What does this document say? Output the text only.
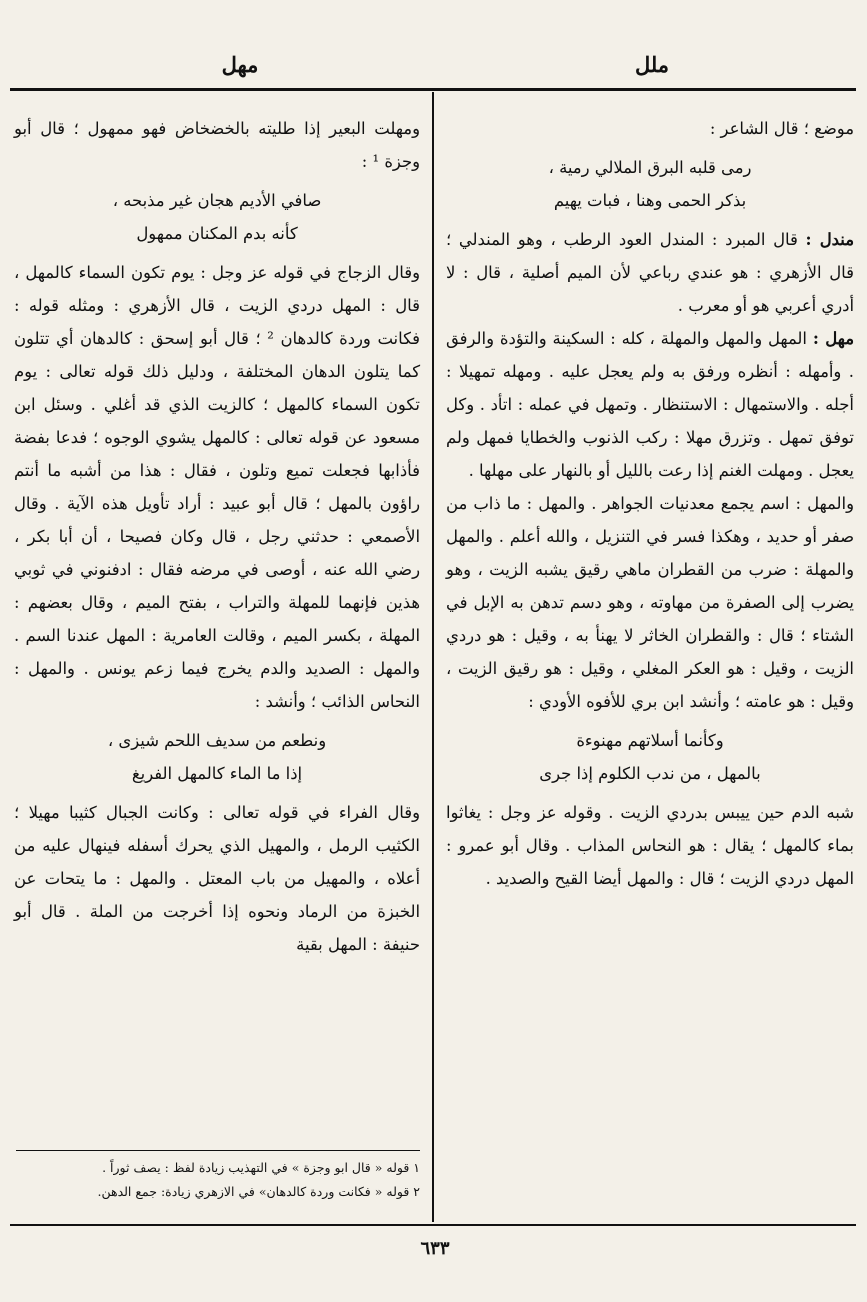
ملل
مهل

موضع ؛ قال الشاعر :

رمى قلبه البرق الملالي رمية ،
بذكر الحمى وهنا ، فبات يهيم

مندل : قال المبرد : المندل العود الرطب ، وهو المندلي ؛ قال الأزهري : هو عندي رباعي لأن الميم أصلية ، قال : لا أدري أعربي هو أو معرب .

مهل : المهل والمهل والمهلة ، كله : السكينة والتؤدة والرفق . وأمهله : أنظره ورفق به ولم يعجل عليه . ومهله تمهيلا : أجله . والاستمهال : الاستنظار . وتمهل في عمله : اتأد . وكل توفق تمهل . وتزرق مهلا : ركب الذنوب والخطايا فمهل ولم يعجل . ومهلت الغنم إذا رعت بالليل أو بالنهار على مهلها .

والمهل : اسم يجمع معدنيات الجواهر . والمهل : ما ذاب من صفر أو حديد ، وهكذا فسر في التنزيل ، والله أعلم . والمهل والمهلة : ضرب من القطران ماهي رقيق يشبه الزيت ، وهو يضرب إلى الصفرة من مهاوته ، وهو دسم تدهن به الإبل في الشتاء ؛ قال : والقطران الخاثر لا يهنأ به ، وقيل : هو دردي الزيت ، وقيل : هو العكر المغلي ، وقيل : هو رقيق الزيت ، وقيل : هو عامته ؛ وأنشد ابن بري للأفوه الأودي :

وكأنما أسلاتهم مهنوءة
بالمهل ، من ندب الكلوم إذا جرى

شبه الدم حين ييبس بدردي الزيت . وقوله عز وجل : يغاثوا بماء كالمهل ؛ يقال : هو النحاس المذاب . وقال أبو عمرو : المهل دردي الزيت ؛ قال : والمهل أيضا القيح والصديد .

ومهلت البعير إذا طليته بالخضخاض فهو ممهول ؛ قال أبو وجزة ¹ :

صافي الأديم هجان غير مذبحه ،
كأنه بدم المكنان ممهول

وقال الزجاج في قوله عز وجل : يوم تكون السماء كالمهل ، قال : المهل دردي الزيت ، قال الأزهري : ومثله قوله : فكانت وردة كالدهان ² ؛ قال أبو إسحق : كالدهان أي تتلون كما يتلون الدهان المختلفة ، ودليل ذلك قوله تعالى : يوم تكون السماء كالمهل ؛ كالزيت الذي قد أغلي . وسئل ابن مسعود عن قوله تعالى : كالمهل يشوي الوجوه ؛ فدعا بفضة فأذابها فجعلت تميع وتلون ، فقال : هذا من أشبه ما أنتم راؤون بالمهل ؛ قال أبو عبيد : أراد تأويل هذه الآية . وقال الأصمعي : حدثني رجل ، قال وكان فصيحا ، أن أبا بكر ، رضي الله عنه ، أوصى في مرضه فقال : ادفنوني في ثوبي هذين فإنهما للمهلة والتراب ، بفتح الميم ، وقال بعضهم : المهلة ، بكسر الميم ، وقالت العامرية : المهل عندنا السم . والمهل : الصديد والدم يخرج فيما زعم يونس . والمهل : النحاس الذائب ؛ وأنشد :

ونطعم من سديف اللحم شيزى ،
إذا ما الماء كالمهل الفريغ

وقال الفراء في قوله تعالى : وكانت الجبال كثيبا مهيلا ؛ الكثيب الرمل ، والمهيل الذي يحرك أسفله فينهال عليه من أعلاه ، والمهيل من باب المعتل . والمهل : ما يتحات عن الخبزة من الرماد ونحوه إذا أخرجت من الملة . قال أبو حنيفة : المهل بقية

١ قوله « قال ابو وجزة » في التهذيب زيادة لفظ : يصف ثوراً .
٢ قوله « فكانت وردة كالدهان» في الازهري زيادة: جمع الدهن.
٦٣٣
